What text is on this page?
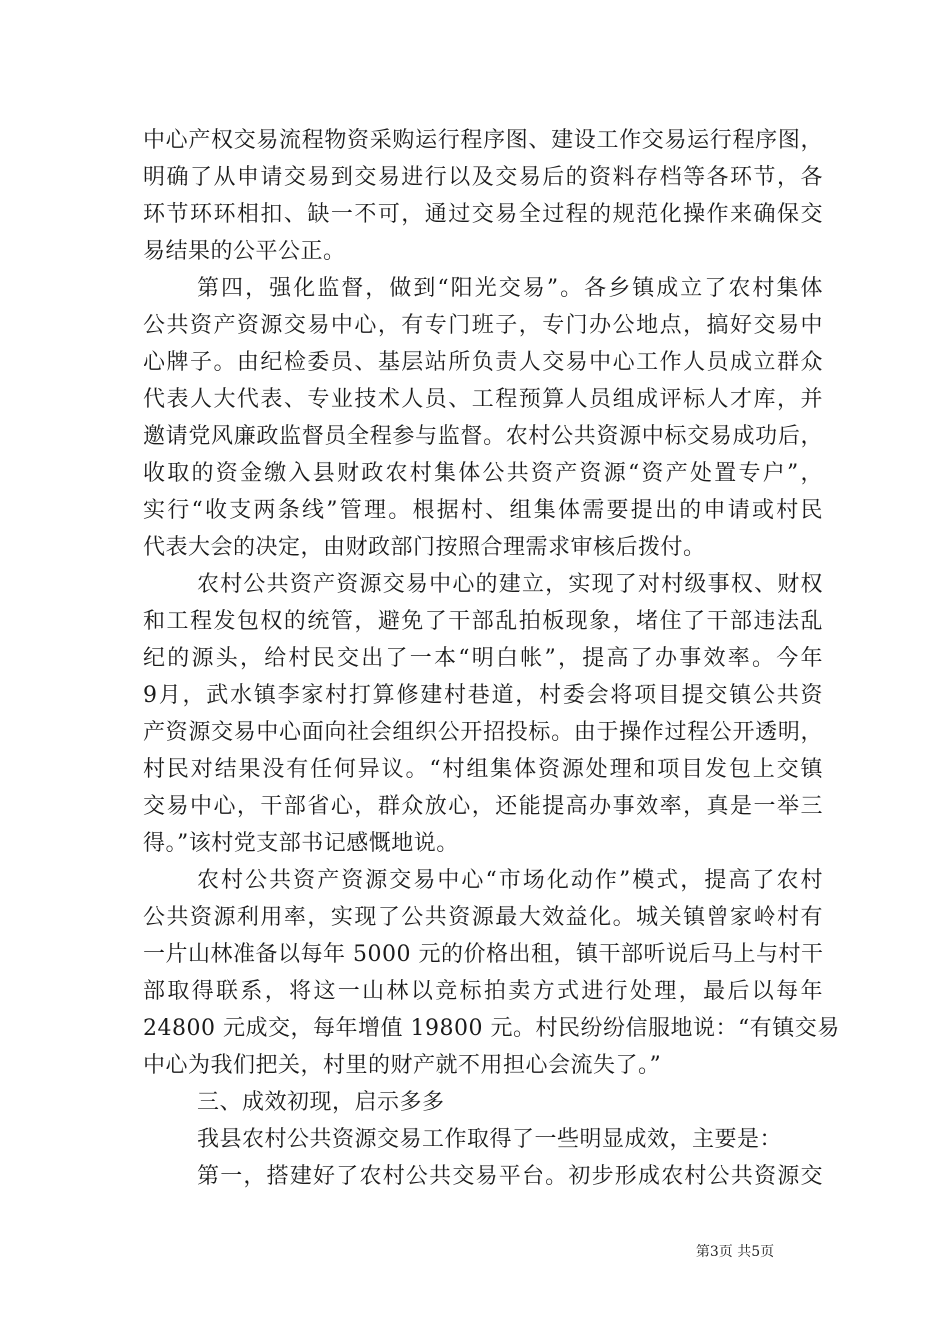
中心产权交易流程物资采购运行程序图、建设工作交易运行程序图，
明确了从申请交易到交易进行以及交易后的资料存档等各环节，各
环节环环相扣、缺一不可，通过交易全过程的规范化操作来确保交
易结果的公平公正。
第四，强化监督，做到“阳光交易”。各乡镇成立了农村集体
公共资产资源交易中心，有专门班子，专门办公地点，搞好交易中
心牌子。由纪检委员、基层站所负责人交易中心工作人员成立群众
代表人大代表、专业技术人员、工程预算人员组成评标人才库，并
邀请党风廉政监督员全程参与监督。农村公共资源中标交易成功后，
收取的资金缴入县财政农村集体公共资产资源“资产处置专户”，
实行“收支两条线”管理。根据村、组集体需要提出的申请或村民
代表大会的决定，由财政部门按照合理需求审核后拨付。
农村公共资产资源交易中心的建立，实现了对村级事权、财权
和工程发包权的统管，避免了干部乱拍板现象，堵住了干部违法乱
纪的源头，给村民交出了一本“明白帐”，提高了办事效率。今年
9月，武水镇李家村打算修建村巷道，村委会将项目提交镇公共资
产资源交易中心面向社会组织公开招投标。由于操作过程公开透明，
村民对结果没有任何异议。“村组集体资源处理和项目发包上交镇
交易中心，干部省心，群众放心，还能提高办事效率，真是一举三
得。”该村党支部书记感慨地说。
农村公共资产资源交易中心“市场化动作”模式，提高了农村
公共资源利用率，实现了公共资源最大效益化。城关镇曾家岭村有
一片山林准备以每年 5000 元的价格出租，镇干部听说后马上与村干
部取得联系，将这一山林以竞标拍卖方式进行处理，最后以每年
24800 元成交，每年增值 19800 元。村民纷纷信服地说：“有镇交易
中心为我们把关，村里的财产就不用担心会流失了。”
三、成效初现，启示多多
我县农村公共资源交易工作取得了一些明显成效，主要是：
第一，搭建好了农村公共交易平台。初步形成农村公共资源交
第3页 共5页
